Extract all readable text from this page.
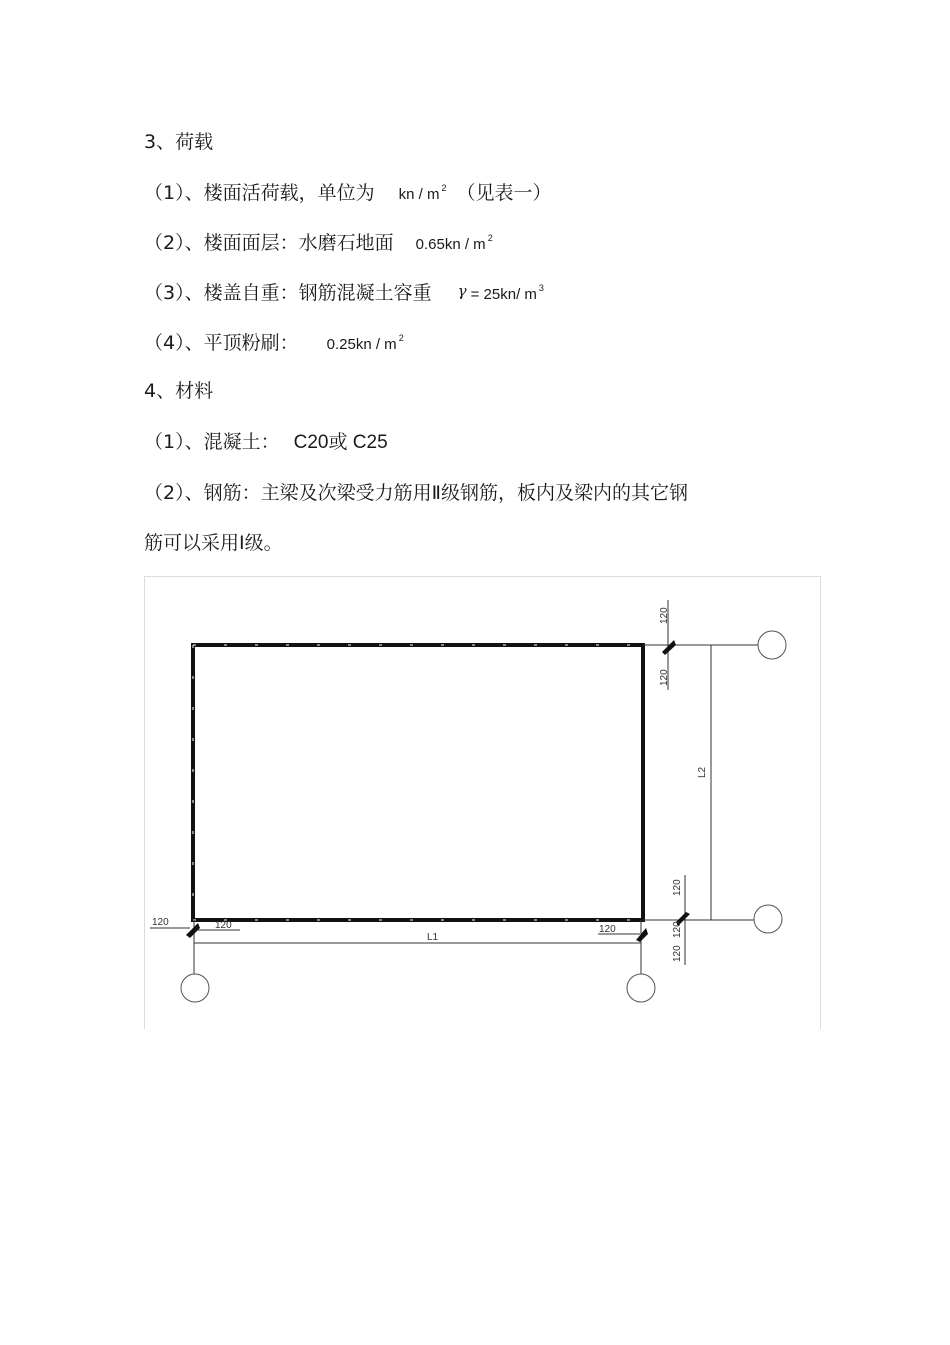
3、荷载
（1）、楼面活荷载，单位为 kn / m $^2$ （见表一）
（2）、楼面面层：水磨石地面 0.65kn / m $^2$
（3）、楼盖自重：钢筋混凝土容重 γ = 25kn/ m $^3$
（4）、平顶粉刷： 0.25kn / m $^2$
4、材料
（1）、混凝土： C20或 C25
（2）、钢筋：主梁及次梁受力筋用Ⅱ级钢筋，板内及梁内的其它钢
筋可以采用Ⅰ级。
120
120
120
120
120
120	120	120
L1
L2
